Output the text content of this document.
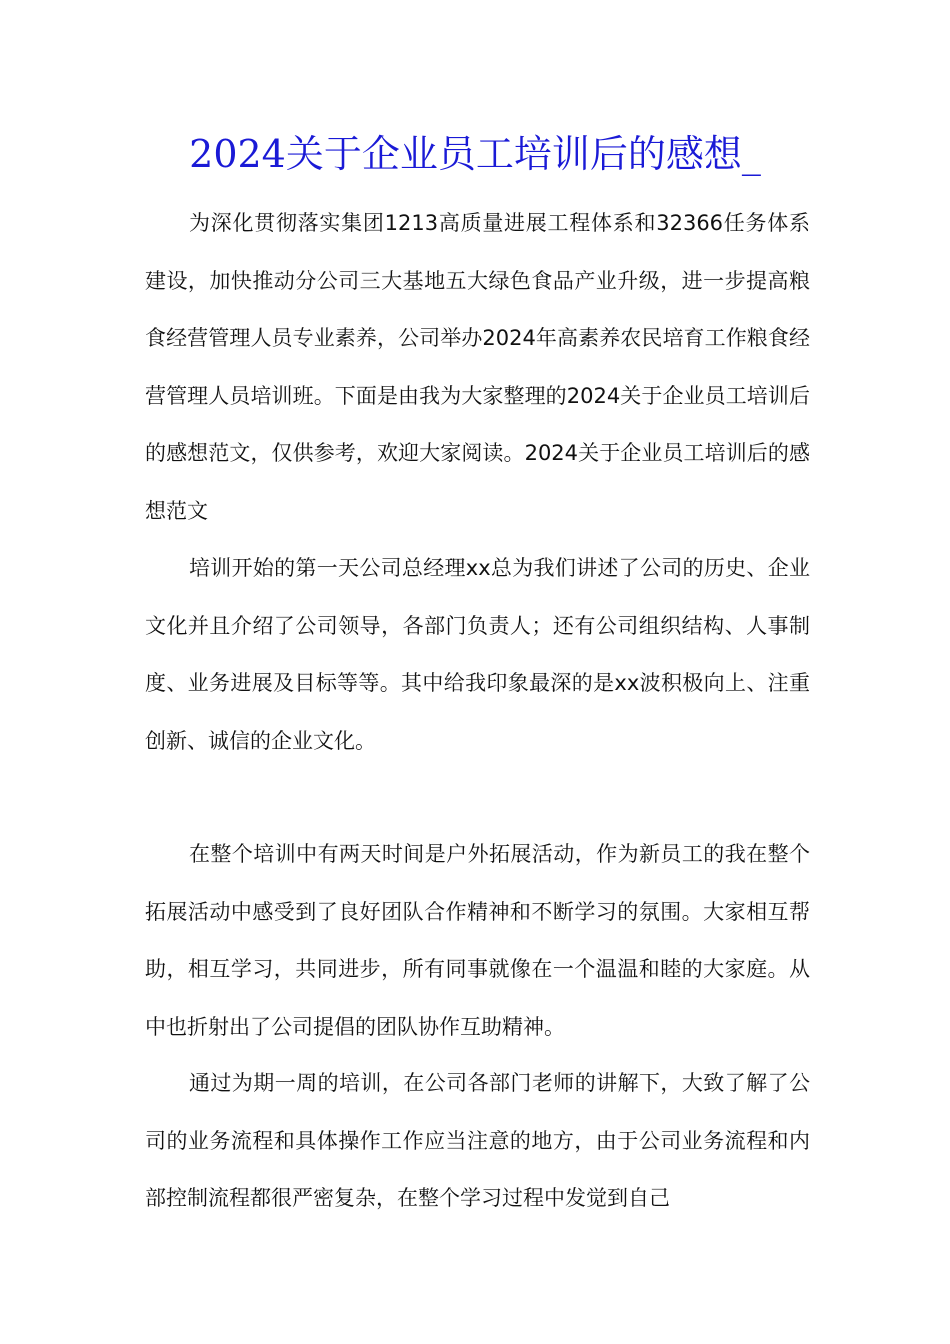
2024关于企业员工培训后的感想_

为深化贯彻落实集团1213高质量进展工程体系和32366任务体系建设，加快推动分公司三大基地五大绿色食品产业升级，进一步提高粮食经营管理人员专业素养，公司举办2024年高素养农民培育工作粮食经营管理人员培训班。下面是由我为大家整理的2024关于企业员工培训后的感想范文，仅供参考，欢迎大家阅读。2024关于企业员工培训后的感想范文

培训开始的第一天公司总经理xx总为我们讲述了公司的历史、企业文化并且介绍了公司领导，各部门负责人；还有公司组织结构、人事制度、业务进展及目标等等。其中给我印象最深的是xx波积极向上、注重创新、诚信的企业文化。

在整个培训中有两天时间是户外拓展活动，作为新员工的我在整个拓展活动中感受到了良好团队合作精神和不断学习的氛围。大家相互帮助，相互学习，共同进步，所有同事就像在一个温温和睦的大家庭。从中也折射出了公司提倡的团队协作互助精神。

通过为期一周的培训，在公司各部门老师的讲解下，大致了解了公司的业务流程和具体操作工作应当注意的地方，由于公司业务流程和内部控制流程都很严密复杂，在整个学习过程中发觉到自己
